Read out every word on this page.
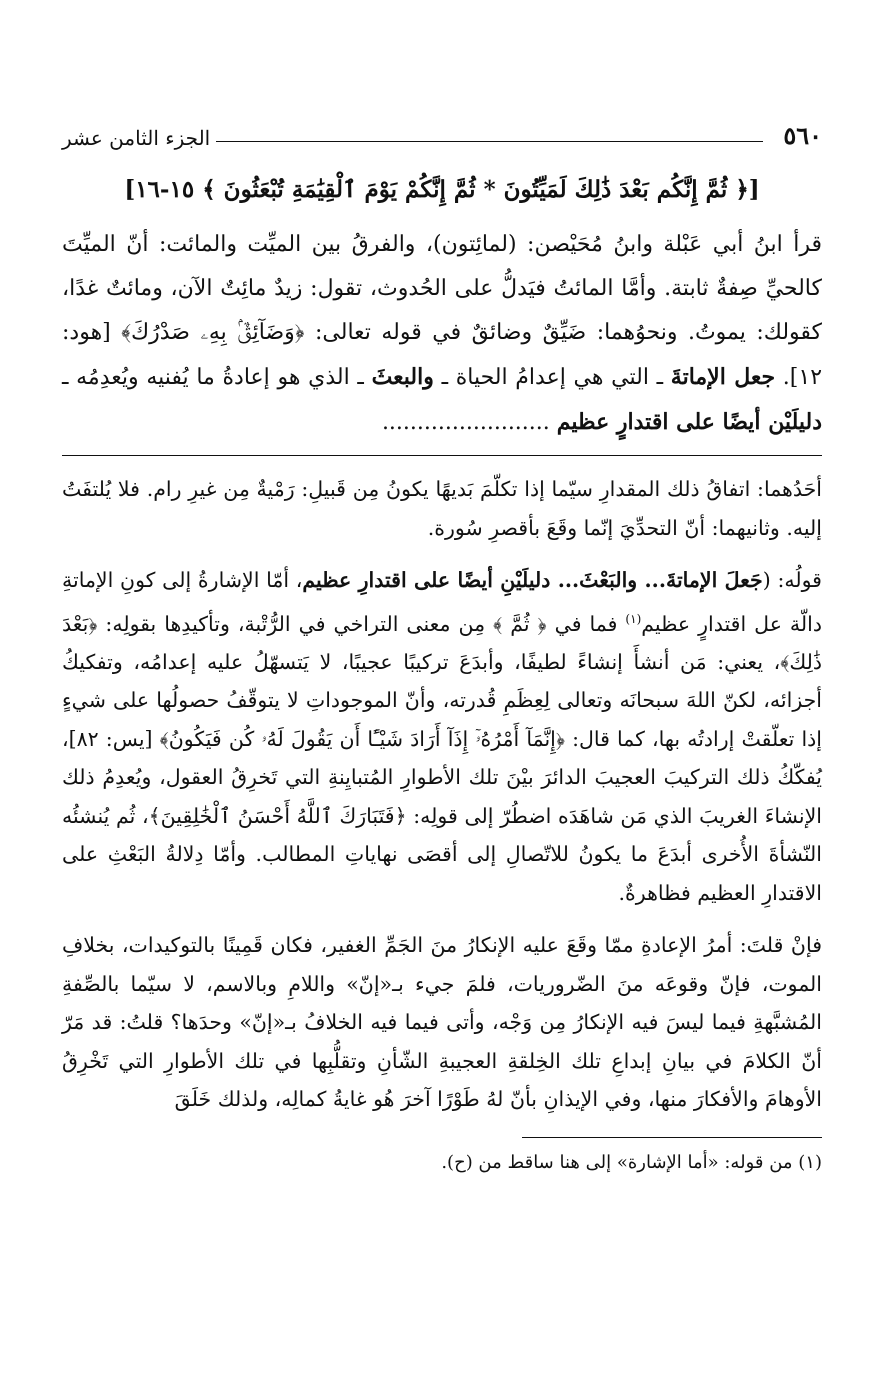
٥٦٠
الجزء الثامن عشر
[﴿ ثُمَّ إِنَّكُم بَعْدَ ذَٰلِكَ لَمَيِّتُونَ * ثُمَّ إِنَّكُمْ يَوْمَ ٱلْقِيَٰمَةِ تُبْعَثُونَ ﴾ ١٥-١٦]
قرأ ابنُ أبي عَبْلة وابنُ مُحَيْصن: (لمائِتون)، والفرقُ بين الميِّت والمائت: أنّ الميِّتَ كالحيِّ صِفةٌ ثابتة. وأمَّا المائتُ فيَدلُّ على الحُدوث، تقول: زيدٌ مائِتٌ الآن، ومائتٌ غدًا، كقولك: يموتُ. ونحوُهما: ضَيِّقٌ وضائقٌ في قوله تعالى: ﴿وَضَآئِقٌۢ بِهِۦ صَدْرُكَ﴾ [هود: ١٢]. جعل الإماتةَ ـ التي هي إعدامُ الحياة ـ والبعثَ ـ الذي هو إعادةُ ما يُفنيه ويُعدِمُه ـ دليلَيْن أيضًا على اقتدارٍ عظيم ........................

أحَدُهما: اتفاقُ ذلك المقدارِ سيّما إذا تكلّمَ بَديهًا يكونُ مِن قَبيلِ: رَمْيةٌ مِن غيرِ رام. فلا يُلتفَتُ إليه. وثانيهما: أنّ التحدِّيَ إنّما وقَعَ بأقصرِ سُورة.

قولُه: (جَعلَ الإماتةَ... والبَعْثَ... دليلَيْنِ أيضًا على اقتدارِ عظيم، أمّا الإشارةُ إلى كونِ الإماتةِ دالّة عل اقتدارٍ عظيم$^{(١)}$ فما في ﴿ ثُمَّ ﴾ مِن معنى التراخي في الرُّتْبة، وتأكيدِها بقولِه: ﴿بَعْدَ ذَٰلِكَ﴾، يعني: مَن أنشأَ إنشاءً لطيفًا، وأبدَعَ تركيبًا عجيبًا، لا يَتسهّلُ عليه إعدامُه، وتفكيكُ أجزائه، لكنّ اللهَ سبحانَه وتعالى لِعِظَمِ قُدرته، وأنّ الموجوداتِ لا يتوقّفُ حصولُها على شيءٍ إذا تعلّقتْ إرادتُه بها، كما قال: ﴿إِنَّمَآ أَمْرُهُۥٓ إِذَآ أَرَادَ شَيْـًٔا أَن يَقُولَ لَهُۥ كُن فَيَكُونُ﴾ [يس: ٨٢]، يُفكّكُ ذلك التركيبَ العجيبَ الدائرَ بيْنَ تلك الأطوارِ المُتبايِنةِ التي تَخرِقُ العقول، ويُعدِمُ ذلك الإنشاءَ الغريبَ الذي مَن شاهَدَه اضطُرّ إلى قولِه: ﴿فَتَبَارَكَ ٱللَّهُ أَحْسَنُ ٱلْخَٰلِقِينَ﴾، ثُم يُنشئُه النّشأةَ الأُخرى أبدَعَ ما يكونُ للاتّصالِ إلى أقصَى نهاياتِ المطالب. وأمّا دِلالةُ البَعْثِ على الاقتدارِ العظيم فظاهرةٌ.

فإنْ قلتَ: أمرُ الإعادةِ ممّا وقَعَ عليه الإنكارُ منَ الجَمِّ الغفير، فكان قَمِينًا بالتوكيدات، بخلافِ الموت، فإنّ وقوعَه منَ الضّروريات، فلمَ جيء بـ«إنّ» واللامِ وبالاسم، لا سيّما بالصِّفةِ المُشبَّهةِ فيما ليسَ فيه الإنكارُ مِن وَجْه، وأتى فيما فيه الخلافُ بـ«إنّ» وحدَها؟ قلتُ: قد مَرّ أنّ الكلامَ في بيانِ إبداعِ تلك الخِلقةِ العجيبةِ الشّأنِ وتقلُّبِها في تلك الأطوارِ التي تَخْرِقُ الأوهامَ والأفكارَ منها، وفي الإيذانِ بأنّ لهُ طَوْرًا آخرَ هُو غايةُ كمالِه، ولذلك خَلَقَ

(١) من قوله: «أما الإشارة» إلى هنا ساقط من (ح).
